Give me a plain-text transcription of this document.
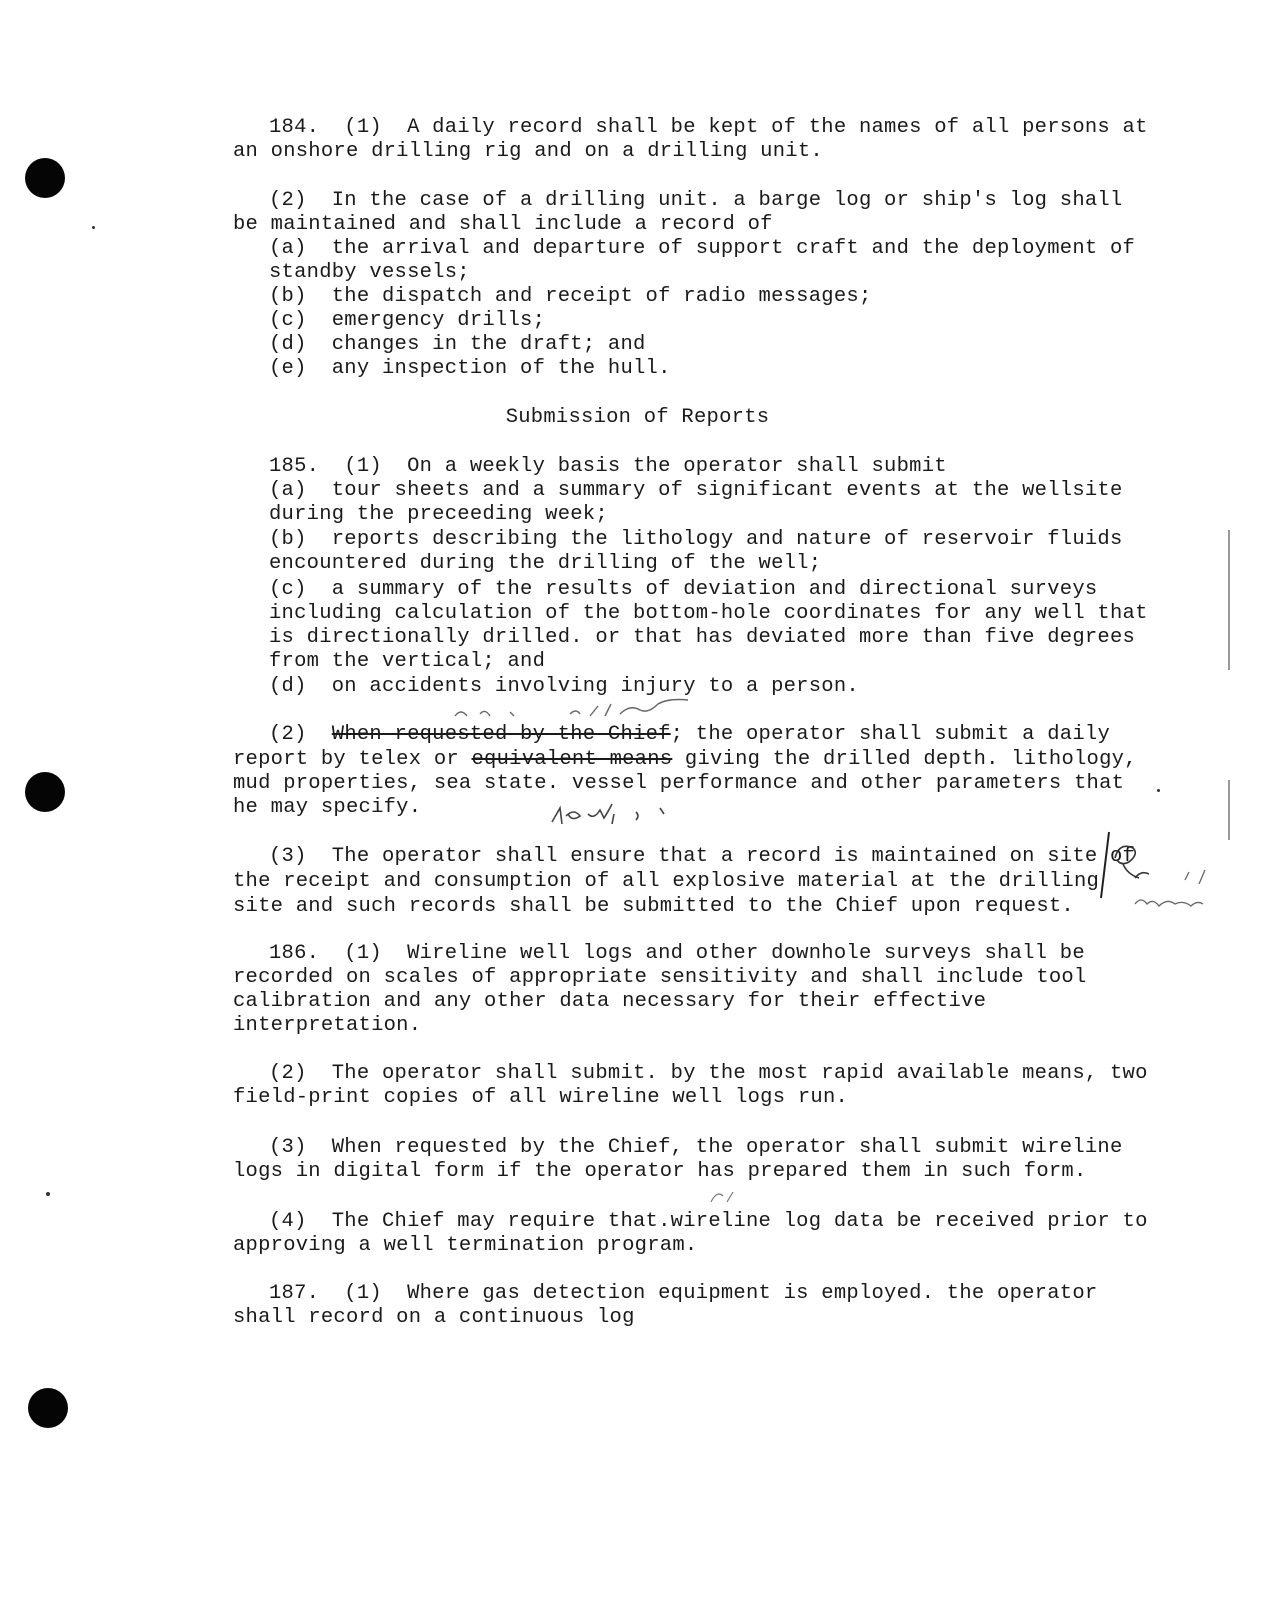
184.  (1)  A daily record shall be kept of the names of all persons at
an onshore drilling rig and on a drilling unit.
(2)  In the case of a drilling unit. a barge log or ship's log shall
be maintained and shall include a record of
(a)  the arrival and departure of support craft and the deployment of
standby vessels;
(b)  the dispatch and receipt of radio messages;
(c)  emergency drills;
(d)  changes in the draft; and
(e)  any inspection of the hull.
Submission of Reports
185.  (1)  On a weekly basis the operator shall submit
(a)  tour sheets and a summary of significant events at the wellsite
during the preceeding week;
(b)  reports describing the lithology and nature of reservoir fluids
encountered during the drilling of the well;
(c)  a summary of the results of deviation and directional surveys
including calculation of the bottom-hole coordinates for any well that
is directionally drilled. or that has deviated more than five degrees
from the vertical; and
(d)  on accidents involving injury to a person.
(2)  When requested by the Chief; the operator shall submit a daily
report by telex or equivalent means giving the drilled depth. lithology,
mud properties, sea state. vessel performance and other parameters that
he may specify.
(3)  The operator shall ensure that a record is maintained on site of
the receipt and consumption of all explosive material at the drilling
site and such records shall be submitted to the Chief upon request.
186.  (1)  Wireline well logs and other downhole surveys shall be
recorded on scales of appropriate sensitivity and shall include tool
calibration and any other data necessary for their effective
interpretation.
(2)  The operator shall submit. by the most rapid available means, two
field-print copies of all wireline well logs run.
(3)  When requested by the Chief, the operator shall submit wireline
logs in digital form if the operator has prepared them in such form.
(4)  The Chief may require that.wireline log data be received prior to
approving a well termination program.
187.  (1)  Where gas detection equipment is employed. the operator
shall record on a continuous log
